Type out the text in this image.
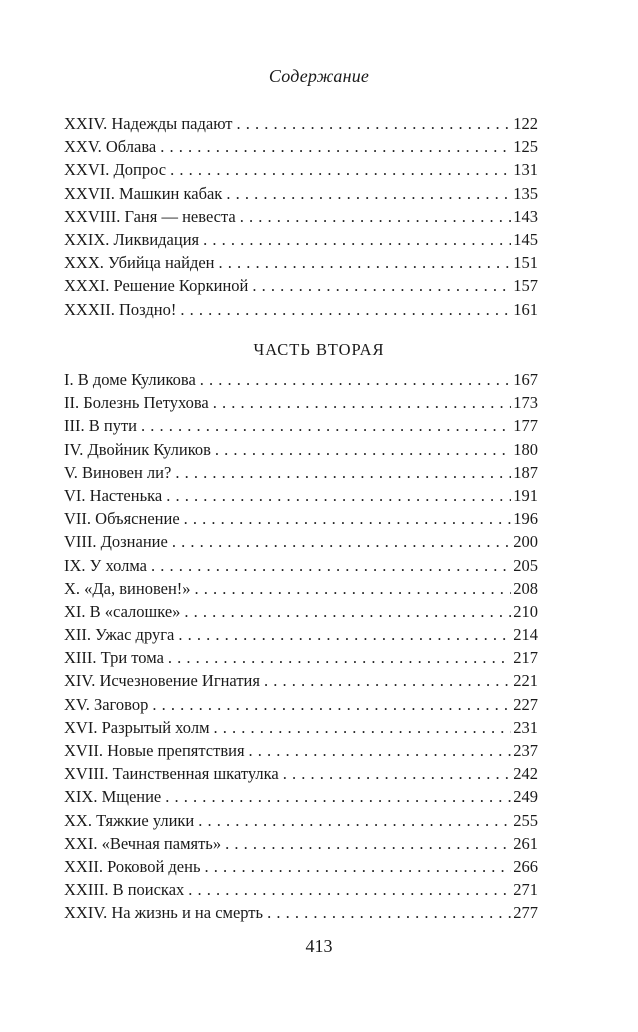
Содержание
XXIV. Надежды падают . . .	122
XXV. Облава . . .	125
XXVI. Допрос . . .	131
XXVII. Машкин кабак . . .	135
XXVIII. Ганя — невеста . . .	143
XXIX. Ликвидация . . .	145
XXX. Убийца найден . . .	151
XXXI. Решение Коркиной . . .	157
XXXII. Поздно! . . .	161
ЧАСТЬ ВТОРАЯ
I. В доме Куликова . . .	167
II. Болезнь Петухова . . .	173
III. В пути . . .	177
IV. Двойник Куликов . . .	180
V. Виновен ли? . . .	187
VI. Настенька . . .	191
VII. Объяснение . . .	196
VIII. Дознание . . .	200
IX. У холма . . .	205
X. «Да, виновен!» . . .	208
XI. В «салошке» . . .	210
XII. Ужас друга . . .	214
XIII. Три тома . . .	217
XIV. Исчезновение Игнатия . . .	221
XV. Заговор . . .	227
XVI. Разрытый холм . . .	231
XVII. Новые препятствия . . .	237
XVIII. Таинственная шкатулка . . .	242
XIX. Мщение . . .	249
XX. Тяжкие улики . . .	255
XXI. «Вечная память» . . .	261
XXII. Роковой день . . .	266
XXIII. В поисках . . .	271
XXIV. На жизнь и на смерть . . .	277
413
